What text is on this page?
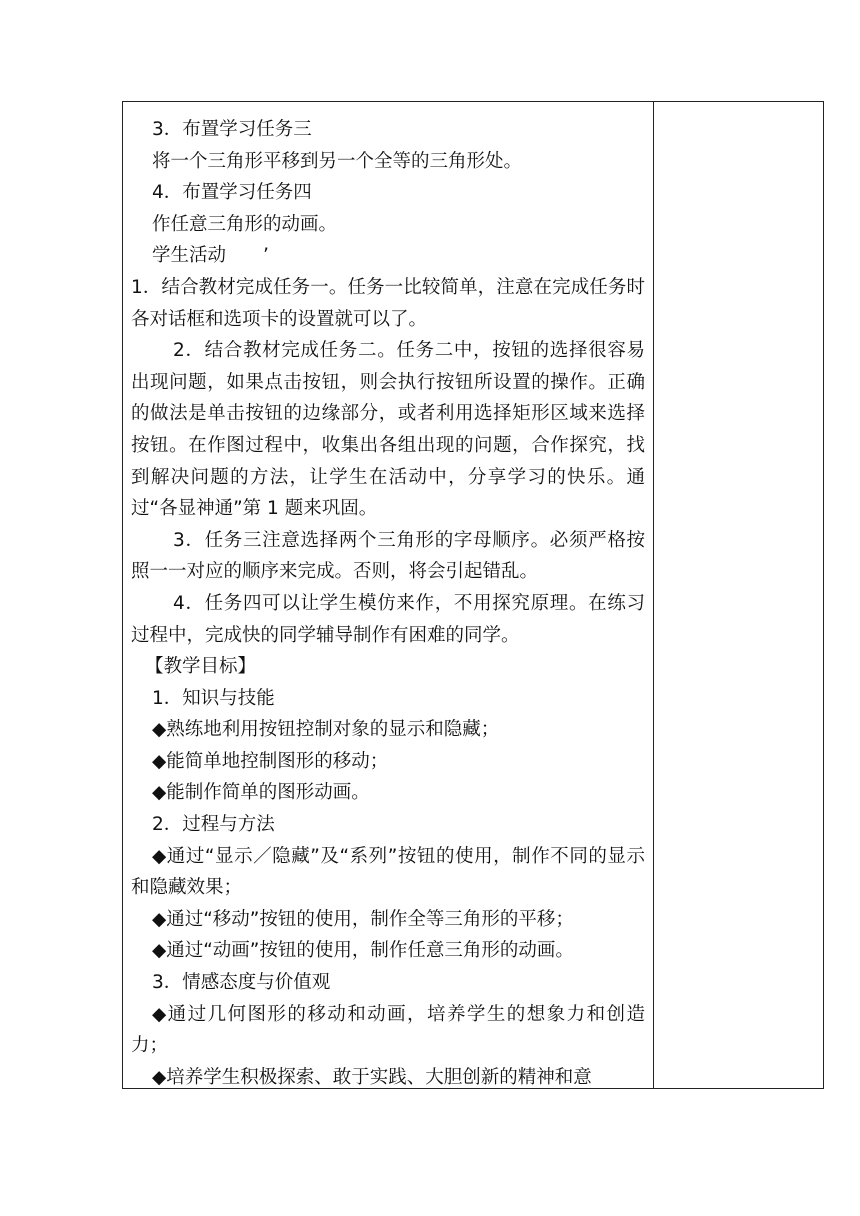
3．布置学习任务三

将一个三角形平移到另一个全等的三角形处。

4．布置学习任务四

作任意三角形的动画。

学生活动　　’

1．结合教材完成任务一。任务一比较简单，注意在完成任务时各对话框和选项卡的设置就可以了。

2．结合教材完成任务二。任务二中，按钮的选择很容易出现问题，如果点击按钮，则会执行按钮所设置的操作。正确的做法是单击按钮的边缘部分，或者利用选择矩形区域来选择按钮。在作图过程中，收集出各组出现的问题，合作探究，找到解决问题的方法，让学生在活动中，分享学习的快乐。通过“各显神通”第 1 题来巩固。

3．任务三注意选择两个三角形的字母顺序。必须严格按照一一对应的顺序来完成。否则，将会引起错乱。

4．任务四可以让学生模仿来作，不用探究原理。在练习过程中，完成快的同学辅导制作有困难的同学。

【教学目标】

1．知识与技能

◆熟练地利用按钮控制对象的显示和隐藏；

◆能简单地控制图形的移动；

◆能制作简单的图形动画。

2．过程与方法

◆通过“显示／隐藏”及“系列”按钮的使用，制作不同的显示和隐藏效果；

◆通过“移动”按钮的使用，制作全等三角形的平移；

◆通过“动画”按钮的使用，制作任意三角形的动画。

3．情感态度与价值观

◆通过几何图形的移动和动画，培养学生的想象力和创造力；

◆培养学生积极探索、敢于实践、大胆创新的精神和意
